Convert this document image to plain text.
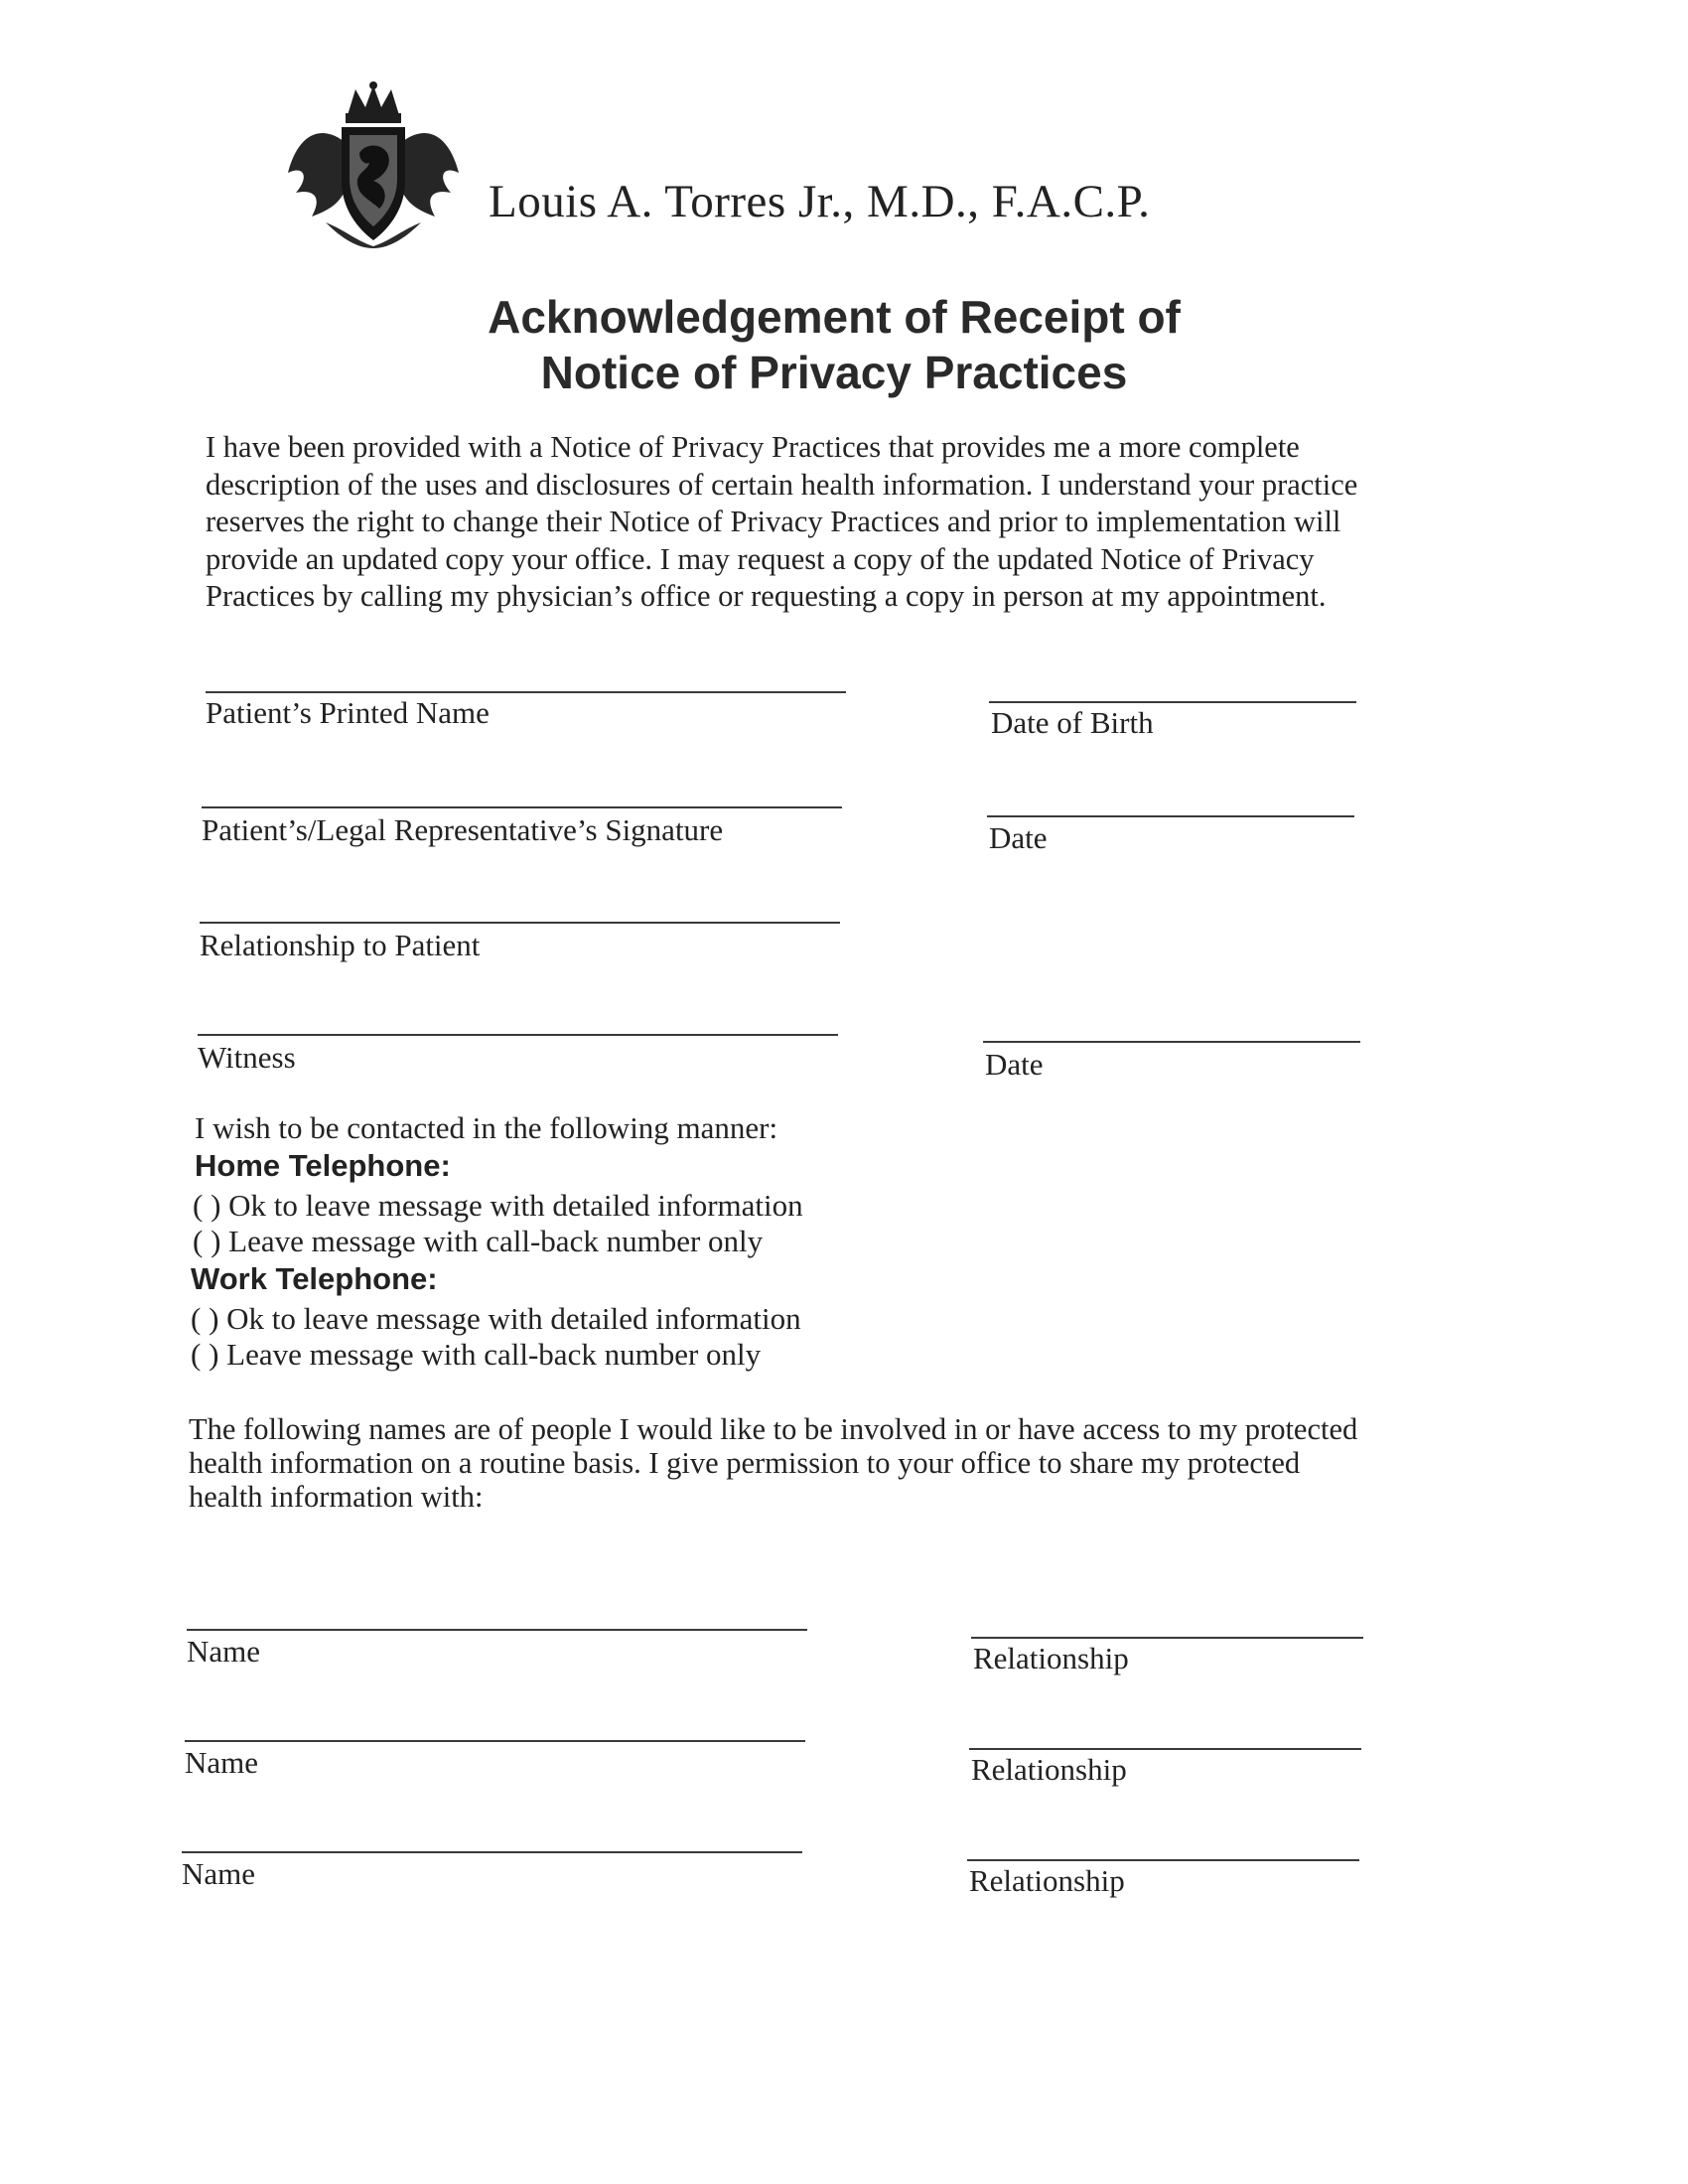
Louis A. Torres Jr., M.D., F.A.C.P.
Acknowledgement of Receipt of
Notice of Privacy Practices
I have been provided with a Notice of Privacy Practices that provides me a more complete
description of the uses and disclosures of certain health information. I understand your practice
reserves the right to change their Notice of Privacy Practices and prior to implementation will
provide an updated copy your office. I may request a copy of the updated Notice of Privacy
Practices by calling my physician’s office or requesting a copy in person at my appointment.
Patient’s Printed Name	Date of Birth
Patient’s/Legal Representative’s Signature	Date
Relationship to Patient
Witness	Date
I wish to be contacted in the following manner:
Home Telephone:
( ) Ok to leave message with detailed information
( ) Leave message with call-back number only
Work Telephone:
( ) Ok to leave message with detailed information
( ) Leave message with call-back number only
The following names are of people I would like to be involved in or have access to my protected
health information on a routine basis. I give permission to your office to share my protected
health information with:
Name	Relationship
Name	Relationship
Name	Relationship
